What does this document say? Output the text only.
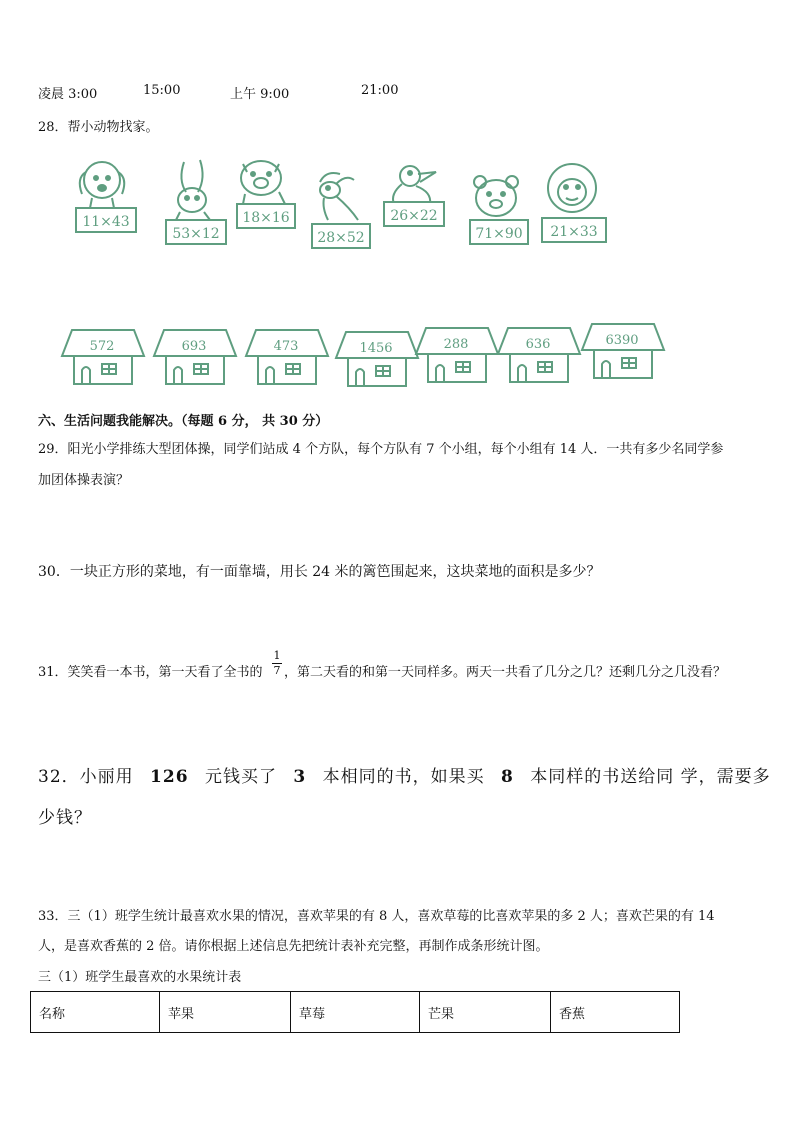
凌晨 3:00	15:00	上午 9:00	21:00
28．帮小动物找家。
11×43
53×12
18×16
28×52
26×22
71×90 21×33
572	693	473	1456	288	636	6390
六、生活问题我能解决。（每题 6 分， 共 30 分）
29．阳光小学排练大型团体操，同学们站成 4 个方队，每个方队有 7 个小组，每个小组有 14 人．一共有多少名同学参
加团体操表演？
30．一块正方形的菜地，有一面靠墙，用长 24 米的篱笆围起来，这块菜地的面积是多少？
31．笑笑看一本书，第一天看了全书的
1
7 ，第二天看的和第一天同样多。两天一共看了几分之几？还剩几分之几没看？
32．小丽用 126 元钱买了 3 本相同的书，如果买 8 本同样的书送给同 学，需要多
少钱？
33．三（1）班学生统计最喜欢水果的情况，喜欢苹果的有 8 人，喜欢草莓的比喜欢苹果的多 2 人；喜欢芒果的有 14
人，是喜欢香蕉的 2 倍。请你根据上述信息先把统计表补充完整，再制作成条形统计图。
三（1）班学生最喜欢的水果统计表
名称	苹果	草莓	芒果	香蕉
